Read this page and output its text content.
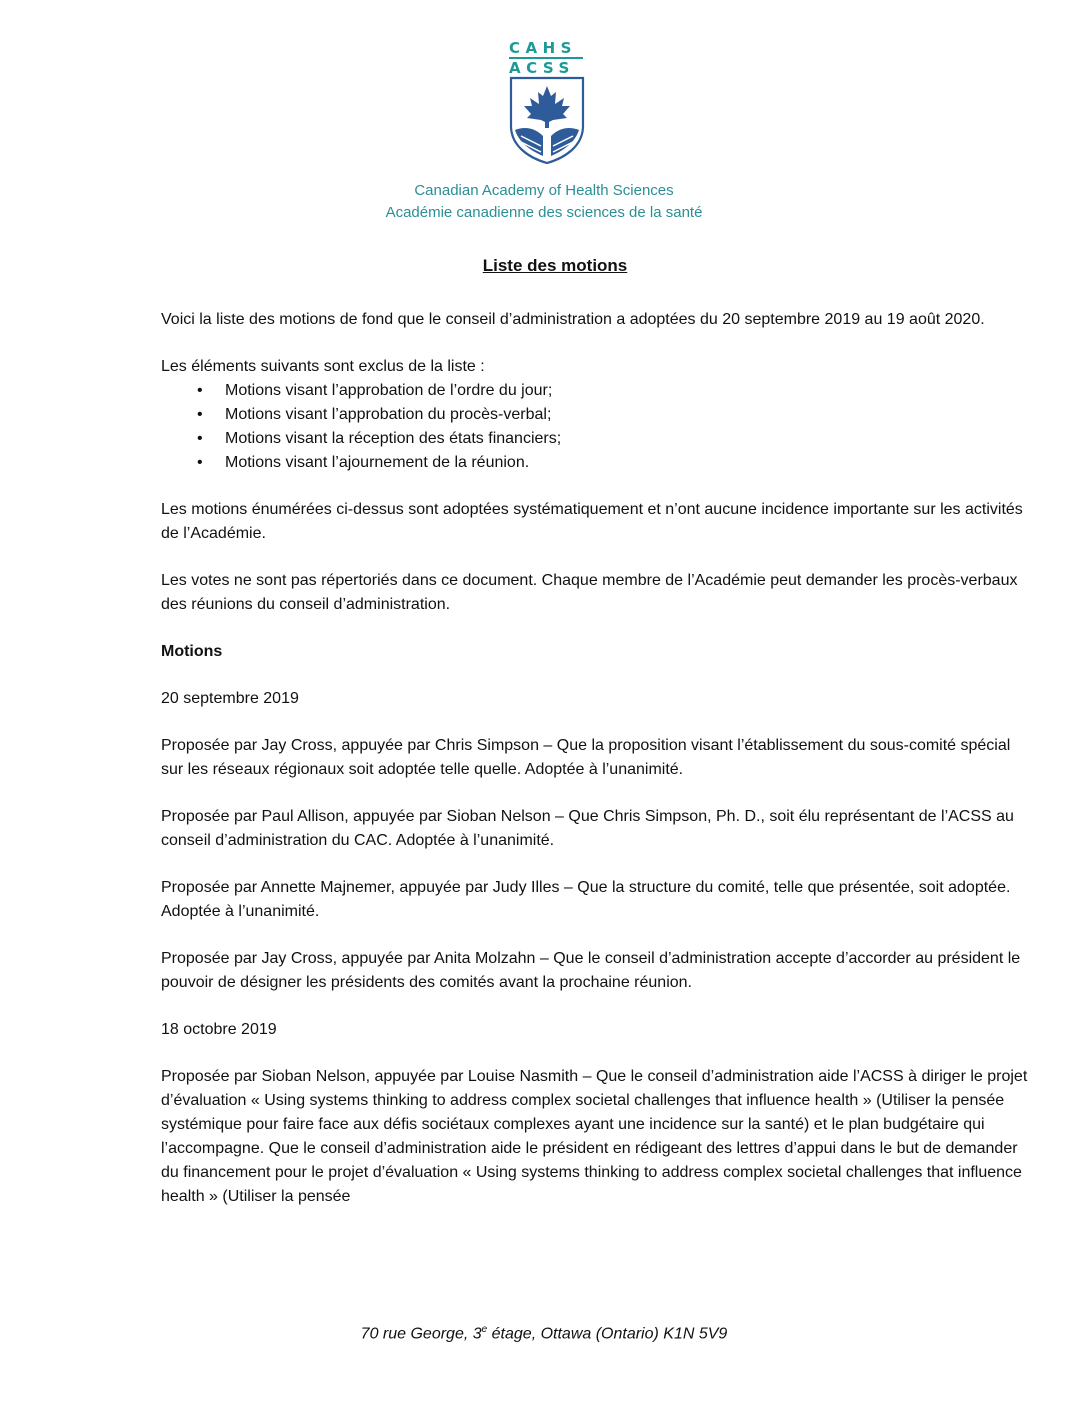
CAHS
ACSS
Canadian Academy of Health Sciences
Académie canadienne des sciences de la santé
Liste des motions

Voici la liste des motions de fond que le conseil d’administration a adoptées du 20 septembre 2019 au 19 août 2020.

Les éléments suivants sont exclus de la liste :
• Motions visant l’approbation de l’ordre du jour;
• Motions visant l’approbation du procès-verbal;
• Motions visant la réception des états financiers;
• Motions visant l’ajournement de la réunion.

Les motions énumérées ci-dessus sont adoptées systématiquement et n’ont aucune incidence importante sur les activités de l’Académie.

Les votes ne sont pas répertoriés dans ce document. Chaque membre de l’Académie peut demander les procès-verbaux des réunions du conseil d’administration.

Motions

20 septembre 2019

Proposée par Jay Cross, appuyée par Chris Simpson – Que la proposition visant l’établissement du sous-comité spécial sur les réseaux régionaux soit adoptée telle quelle. Adoptée à l’unanimité.

Proposée par Paul Allison, appuyée par Sioban Nelson – Que Chris Simpson, Ph. D., soit élu représentant de l’ACSS au conseil d’administration du CAC. Adoptée à l’unanimité.

Proposée par Annette Majnemer, appuyée par Judy Illes – Que la structure du comité, telle que présentée, soit adoptée. Adoptée à l’unanimité.

Proposée par Jay Cross, appuyée par Anita Molzahn – Que le conseil d’administration accepte d’accorder au président le pouvoir de désigner les présidents des comités avant la prochaine réunion.

18 octobre 2019

Proposée par Sioban Nelson, appuyée par Louise Nasmith – Que le conseil d’administration aide l’ACSS à diriger le projet d’évaluation « Using systems thinking to address complex societal challenges that influence health » (Utiliser la pensée systémique pour faire face aux défis sociétaux complexes ayant une incidence sur la santé) et le plan budgétaire qui l’accompagne. Que le conseil d’administration aide le président en rédigeant des lettres d’appui dans le but de demander du financement pour le projet d’évaluation « Using systems thinking to address complex societal challenges that influence health » (Utiliser la pensée

70 rue George, 3e étage, Ottawa (Ontario) K1N 5V9
